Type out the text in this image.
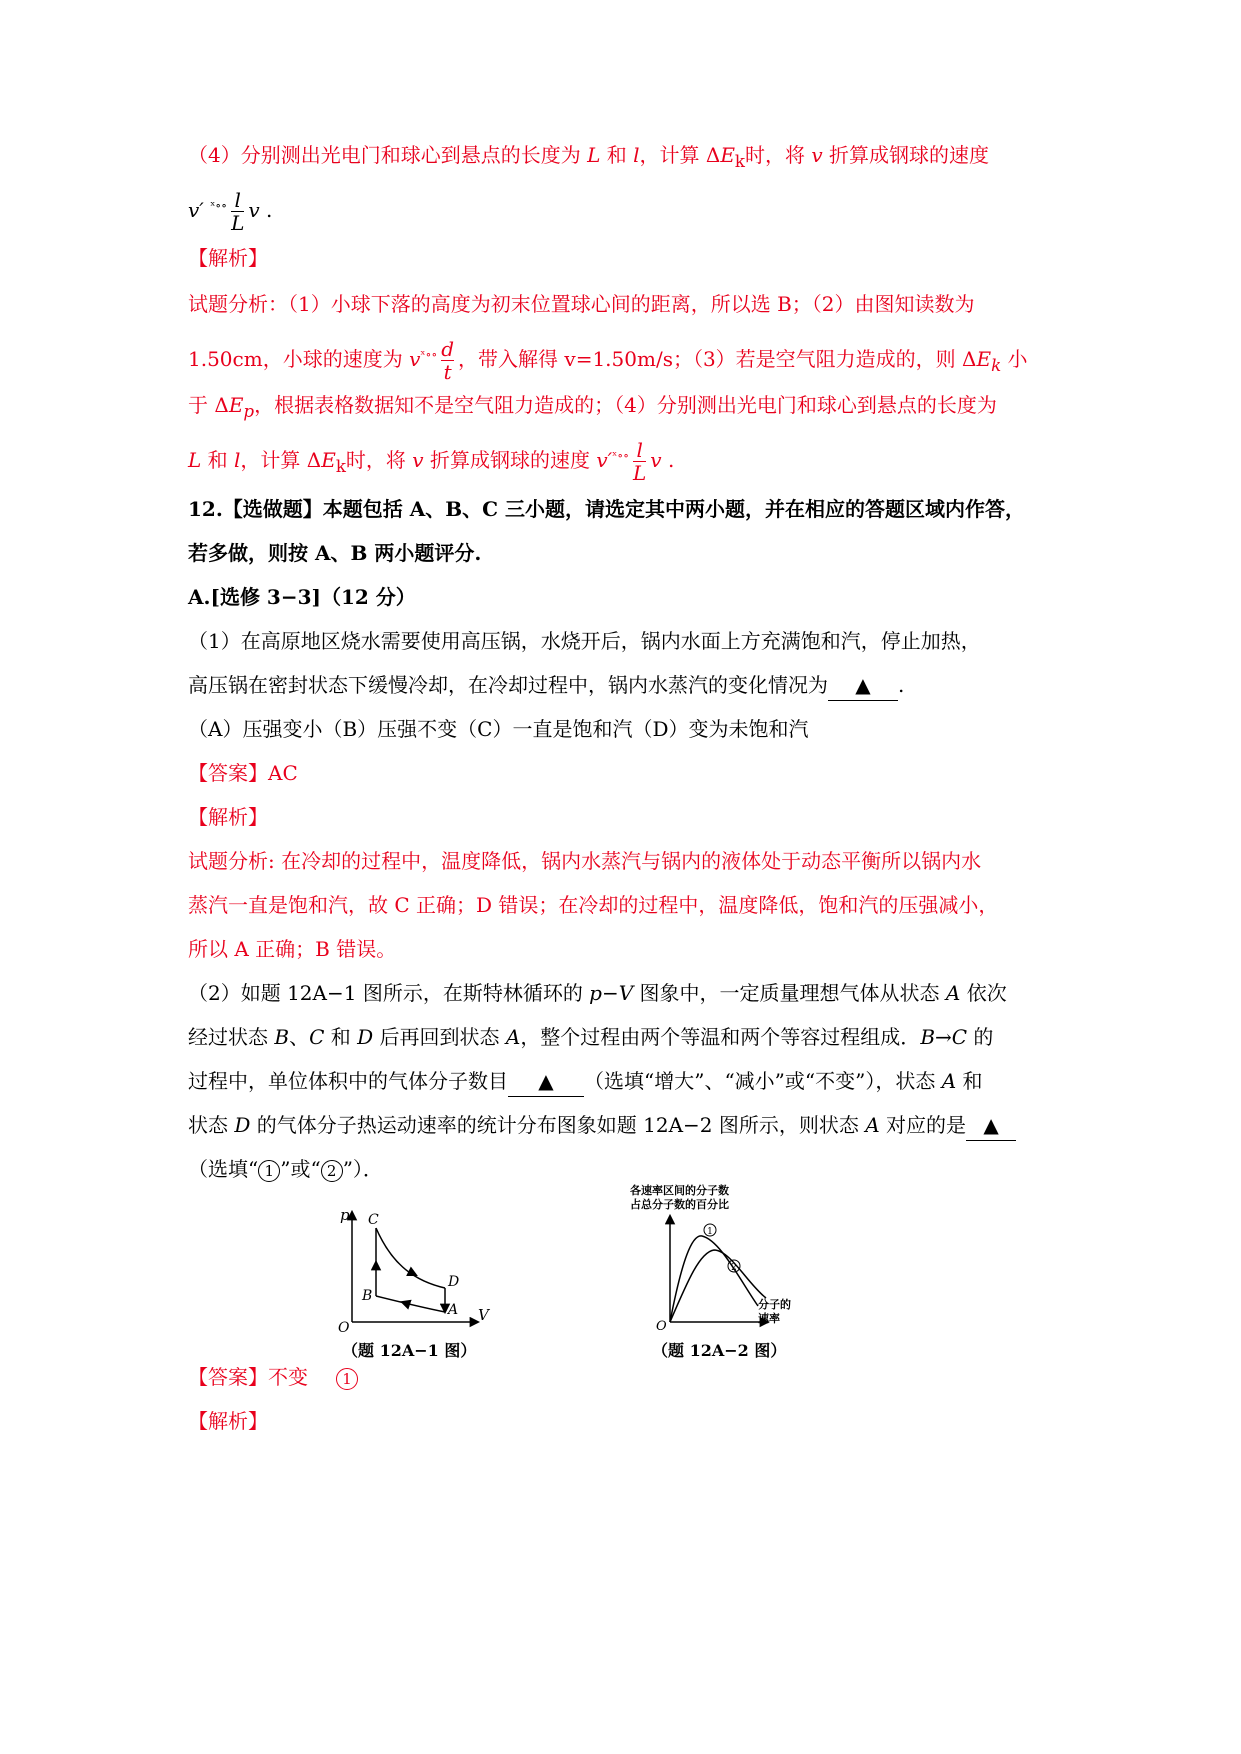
（4）分别测出光电门和球心到悬点的长度为 L 和 l，计算 $\Delta E_k$时，将 v 折算成钢球的速度
v′ $^{ˣ\circ\circ} \frac{l}{L}$ v .
【解析】
试题分析：（1）小球下落的高度为初末位置球心间的距离，所以选 B；（2）由图知读数为
1.50cm，小球的速度为 $v^{ˣ\circ\circ} \frac{d}{t}$ ，带入解得 v=1.50m/s；（3）若是空气阻力造成的，则 $\Delta E_k$ 小
于 $\Delta E_p$，根据表格数据知不是空气阻力造成的；（4）分别测出光电门和球心到悬点的长度为
L 和 l，计算 $\Delta E_k$时，将 v 折算成钢球的速度 $v'^{ˣ\circ\circ} \frac{l}{L}$ v .
12.【选做题】本题包括 A、B、C 三小题，请选定其中两小题，并在相应的答题区域内作答，
若多做，则按 A、B 两小题评分.
A.[选修 3−3]（12 分）
（1）在高原地区烧水需要使用高压锅，水烧开后，锅内水面上方充满饱和汽，停止加热，
高压锅在密封状态下缓慢冷却，在冷却过程中，锅内水蒸汽的变化情况为 ▲ .
（A）压强变小（B）压强不变（C）一直是饱和汽（D）变为未饱和汽
【答案】AC
【解析】
试题分析: 在冷却的过程中，温度降低，锅内水蒸汽与锅内的液体处于动态平衡所以锅内水
蒸汽一直是饱和汽，故 C 正确；D 错误；在冷却的过程中，温度降低，饱和汽的压强减小，
所以 A 正确；B 错误。
（2）如题 12A−1 图所示，在斯特林循环的 p−V 图象中，一定质量理想气体从状态 A 依次
经过状态 B、C 和 D 后再回到状态 A，整个过程由两个等温和两个等容过程组成．B→C 的
过程中，单位体积中的气体分子数目 ▲ （选填“增大”、“减小”或“不变”），状态 A 和
状态 D 的气体分子热运动速率的统计分布图象如题 12A−2 图所示，则状态 A 对应的是 ▲
（选填“ 1 ”或“ 2 ”）．
p
V
O
C
B
D
A
（题 12A−1 图）
各速率区间的分子数
占总分子数的百分比
O
分子的
速率
1
2
（题 12A−2 图）
【答案】不变 1
【解析】
